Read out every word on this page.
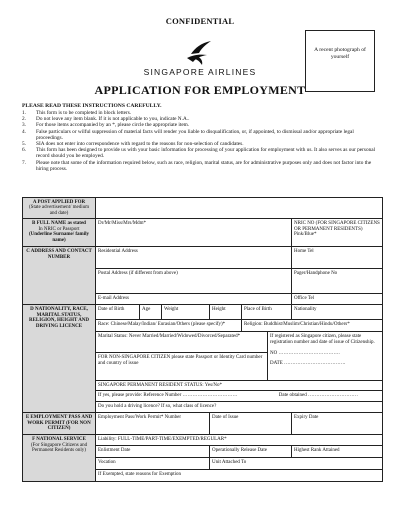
CONFIDENTIAL
A recent photograph of yourself
SINGAPORE AIRLINES
APPLICATION FOR EMPLOYMENT
PLEASE READ THESE INSTRUCTIONS CAREFULLY.
1. This form is to be completed in block letters.
2. Do not leave any item blank. If it is not applicable to you, indicate N.A..
3. For those items accompanied by an *, please circle the appropriate item.
4. False particulars or wilful suppression of material facts will render you liable to disqualification, or, if appointed, to dismissal and/or appropriate legal proceedings.
5. SIA does not enter into correspondence with regard to the reasons for non-selection of candidates.
6. This form has been designed to provide us with your basic information for processing of your application for employment with us. It also serves as our personal record should you be employed.
7. Please note that some of the information required below, such as race, religion, marital status, are for administrative purposes only and does not factor into the hiring process.
A POST APPLIED FOR
(State advertisement/ medium and date)							
B FULL NAME as stated
In NRIC or Passport
(Underline Surname/ family name)	Dr/Mr/Miss/Mrs/Mdm*						NRIC NO (FOR SINGAPORE CITIZENS OR PERMANENT RESIDENTS) Pink/Blue*
C ADDRESS AND CONTACT NUMBER	Residential Address						Home Tel
	Postal Address (if different from above)						Pager/Handphone No
	E-mail Address						Office Tel
D NATIONALITY, RACE, MARITAL STATUS, RELIGION, HEIGHT AND DRIVING LICENCE	Date of Birth	Age	Weight	Height	Place of Birth		Nationality
	Race: Chinese/Malay/Indian/ Eurasian/Others (please specify)*				Religion: Buddhist/Muslim/Christian/Hindu/Others*		
	Marital Status: Never Married/Married/Widowed/Divorced/Separated*					If registered as Singapore citizen, please state registration number and date of issue of Citizenship.
NO ……………………………….
DATE ……………………………….	

	FOR NON-SINGAPORE CITIZEN please state Passport or Identity Card number and country of issue						
	SINGAPORE PERMANENT RESIDENT STATUS: Yes/No*						
	If yes, please provide: Reference Number …………………………… Date obtained …………………………						
	Do you hold a driving licence? If so, what class of licence?						
E EMPLOYMENT PASS AND WORK PERMIT (FOR NON CITIZEN)	Employment Pass/Work Permit* Number			Date of Issue			Expiry Date
F NATIONAL SERVICE
(For Singapore Citizens and Permanent Residents only)	Liability: FULL-TIME/PART-TIME/EXEMPTED/REGULAR*						
	Enlistment Date			Operationally Release Date			Highest Rank Attained
	Vocation			Unit Attached To			
	If Exempted, state reasons for Exemption						
